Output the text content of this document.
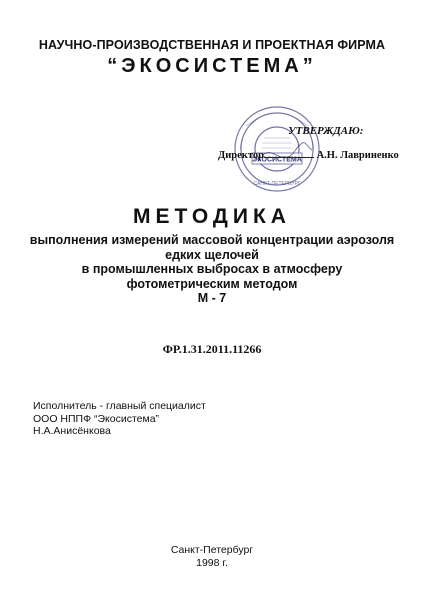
НАУЧНО-ПРОИЗВОДСТВЕННАЯ И ПРОЕКТНАЯ ФИРМА
“ЭКОСИСТЕМА”
ЭКОСИСТЕМА
САНКТ-ПЕТЕРБУРГ
УТВЕРЖДАЮ:
Директор	А.Н. Лавриненко
МЕТОДИКА
выполнения измерений массовой концентрации аэрозоля
едких щелочей
в промышленных выбросах в атмосферу
фотометрическим методом
М - 7
ФР.1.31.2011.11266
Исполнитель - главный специалист
ООО НППФ “Экосистема”
Н.А.Анисёнкова
Санкт-Петербург
1998 г.
